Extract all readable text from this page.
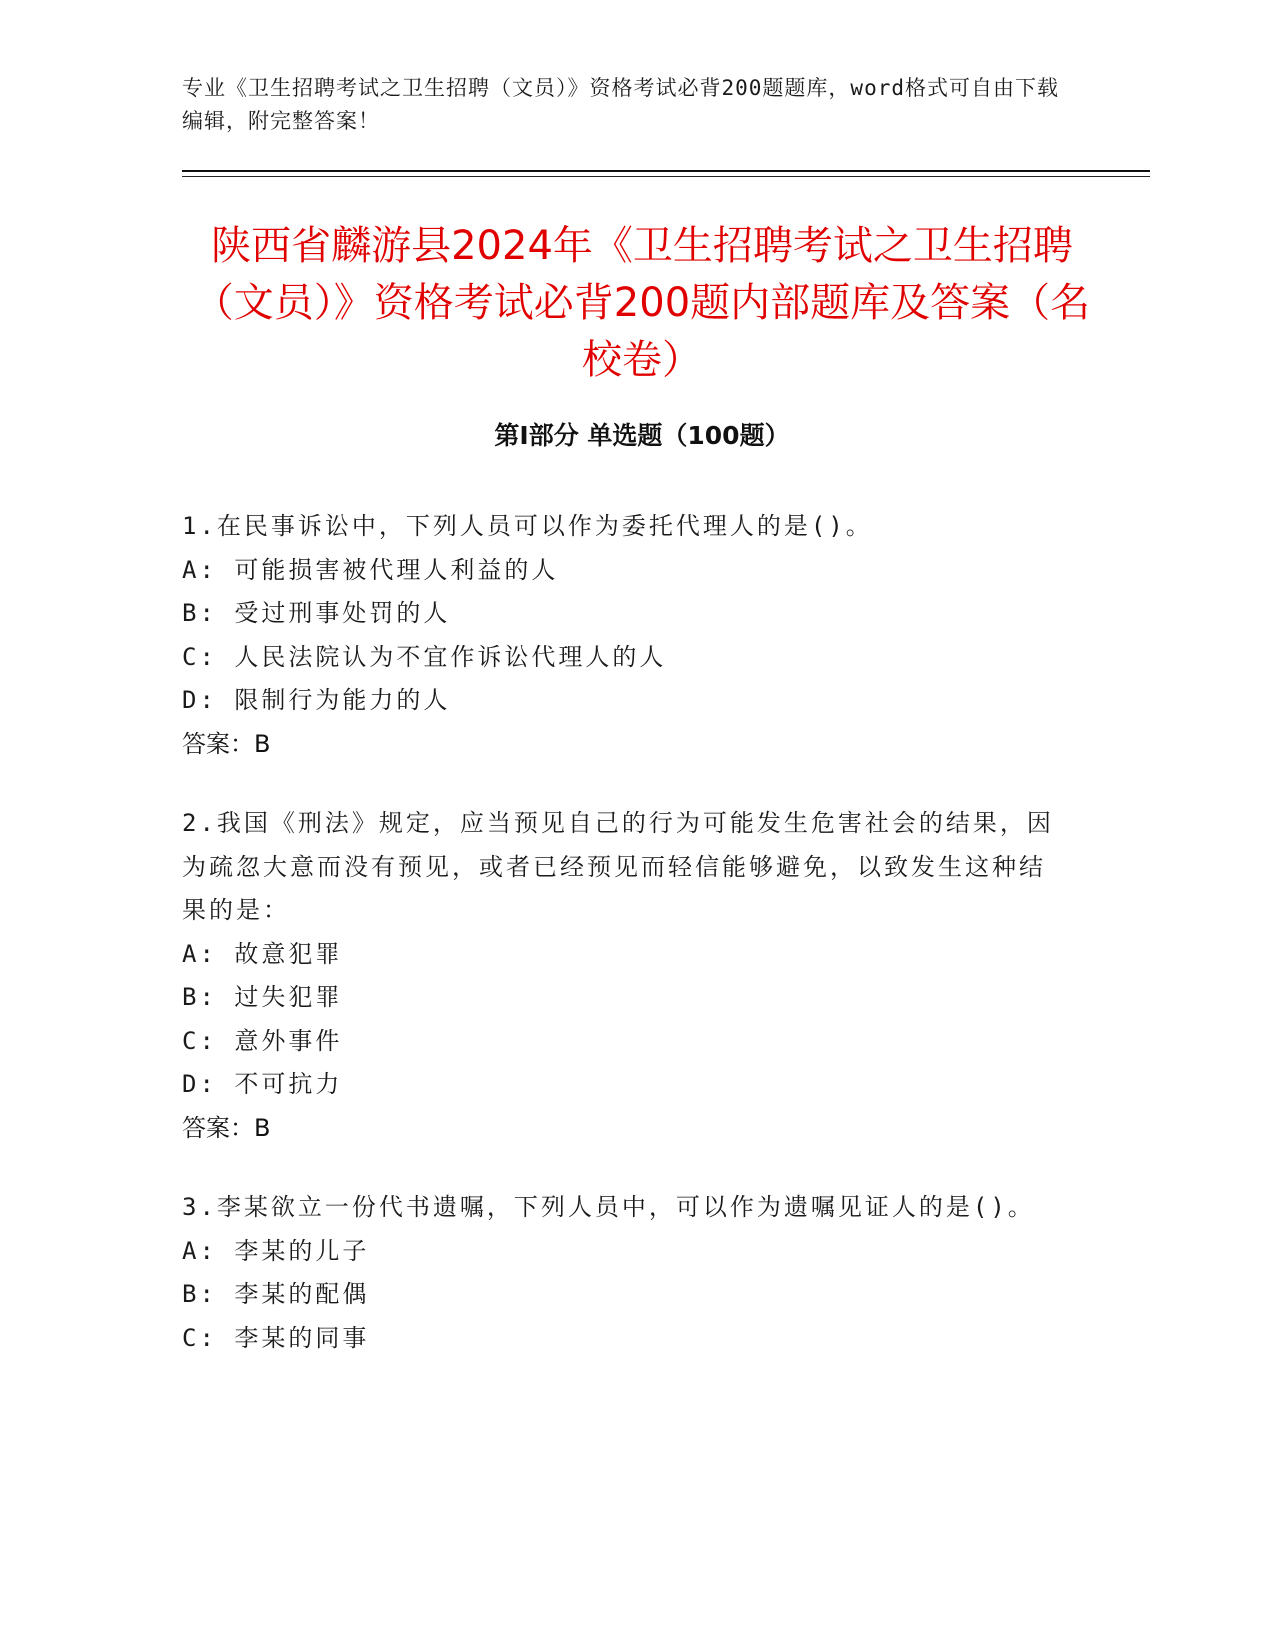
专业《卫生招聘考试之卫生招聘（文员）》资格考试必背200题题库，word格式可自由下载编辑，附完整答案！
陕西省麟游县2024年《卫生招聘考试之卫生招聘（文员）》资格考试必背200题内部题库及答案（名校卷）
第Ⅰ部分 单选题（100题）
1.在民事诉讼中，下列人员可以作为委托代理人的是()。
A: 可能损害被代理人利益的人
B: 受过刑事处罚的人
C: 人民法院认为不宜作诉讼代理人的人
D: 限制行为能力的人
答案：B
2.我国《刑法》规定，应当预见自己的行为可能发生危害社会的结果，因为疏忽大意而没有预见，或者已经预见而轻信能够避免，以致发生这种结果的是：
A: 故意犯罪
B: 过失犯罪
C: 意外事件
D: 不可抗力
答案：B
3.李某欲立一份代书遗嘱，下列人员中，可以作为遗嘱见证人的是()。
A: 李某的儿子
B: 李某的配偶
C: 李某的同事
